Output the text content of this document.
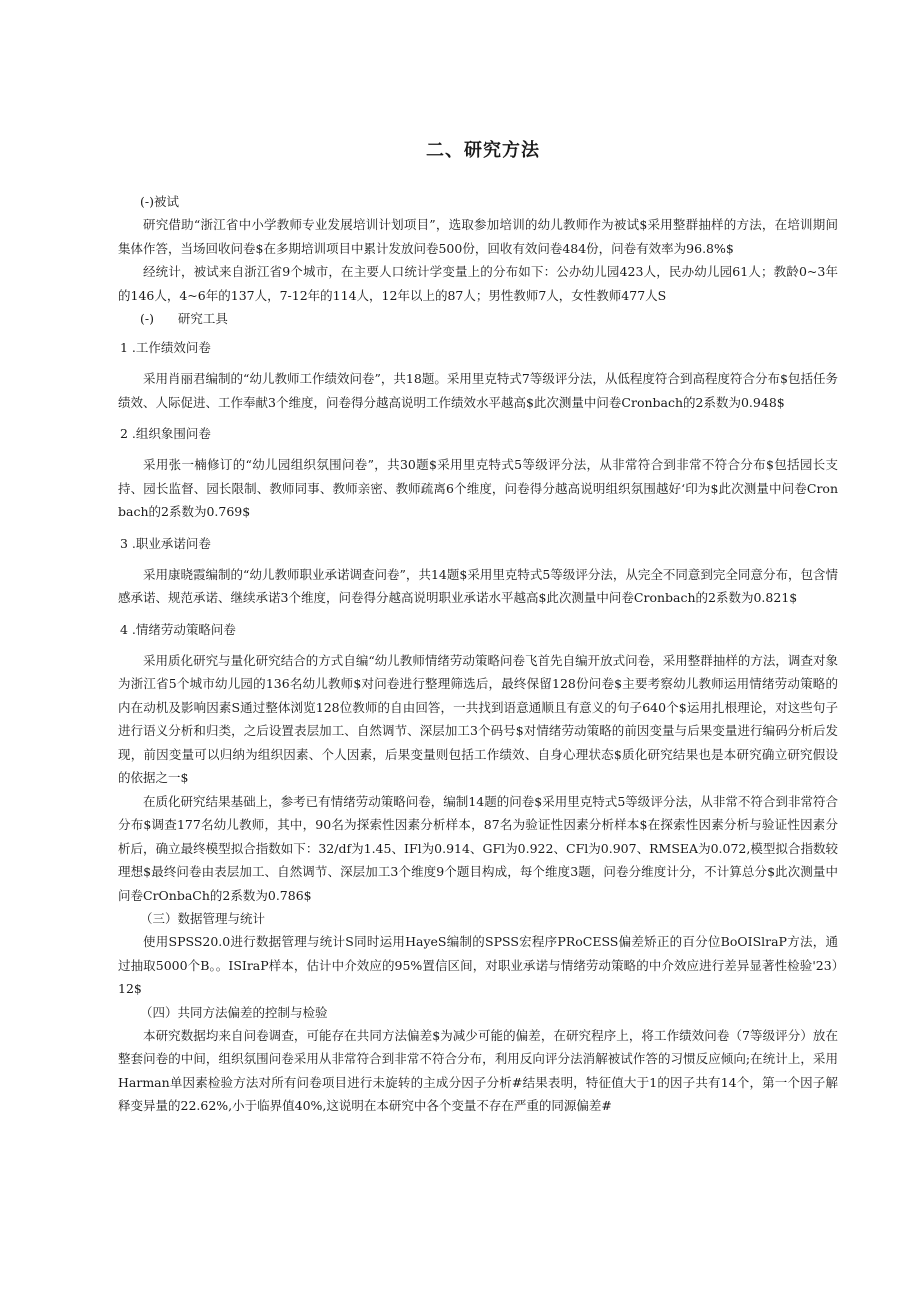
二、研究方法

(-)被试

研究借助“浙江省中小学教师专业发展培训计划项目”，选取参加培训的幼儿教师作为被试$采用整群抽样的方法，在培训期间集体作答，当场回收问卷$在多期培训项目中累计发放问卷500份，回收有效问卷484份，问卷有效率为96.8%$

经统计，被试来自浙江省9个城市，在主要人口统计学变量上的分布如下：公办幼儿园423人，民办幼儿园61人；教龄0~3年的146人，4~6年的137人，7-12年的114人，12年以上的87人；男性教师7人，女性教师477人S

(-)      研究工具

1 .工作绩效问卷

采用肖丽君编制的“幼儿教师工作绩效问卷”，共18题。采用里克特式7等级评分法，从低程度符合到高程度符合分布$包括任务绩效、人际促进、工作奉献3个维度，问卷得分越高说明工作绩效水平越高$此次测量中问卷Cronbach的2系数为0.948$

2 .组织象围问卷

采用张一楠修订的“幼儿园组织氛围问卷”，共30题$采用里克特式5等级评分法，从非常符合到非常不符合分布$包括园长支持、园长监督、园长限制、教师同事、教师亲密、教师疏离6个维度，问卷得分越高说明组织氛围越好‘印为$此次测量中问卷Cronbach的2系数为0.769$

3 .职业承诺问卷

采用康晓霞编制的“幼儿教师职业承诺调查问卷”，共14题$采用里克特式5等级评分法，从完全不同意到完全同意分布，包含情感承诺、规范承诺、继续承诺3个维度，问卷得分越高说明职业承诺水平越高$此次测量中问卷Cronbach的2系数为0.821$

4 .情绪劳动策略问卷

采用质化研究与量化研究结合的方式自编“幼儿教师情绪劳动策略问卷飞首先自编开放式问卷，采用整群抽样的方法，调查对象为浙江省5个城市幼儿园的136名幼儿教师$对问卷进行整理筛选后，最终保留128份问卷$主要考察幼儿教师运用情绪劳动策略的内在动机及影响因素S通过整体浏览128位教师的自由回答，一共找到语意通顺且有意义的句子640个$运用扎根理论，对这些句子进行语义分析和归类，之后设置表层加工、自然调节、深层加工3个码号$对情绪劳动策略的前因变量与后果变量进行编码分析后发现，前因变量可以归纳为组织因素、个人因素，后果变量则包括工作绩效、自身心理状态$质化研究结果也是本研究确立研究假设的依据之一$

在质化研究结果基础上，参考已有情绪劳动策略问卷，编制14题的问卷$采用里克特式5等级评分法，从非常不符合到非常符合分布$调查177名幼儿教师，其中，90名为探索性因素分析样本，87名为验证性因素分析样本$在探索性因素分析与验证性因素分析后，确立最终模型拟合指数如下：32/df为1.45、IFl为0.914、GFl为0.922、CFl为0.907、RMSEA为0.072,模型拟合指数较理想$最终问卷由表层加工、自然调节、深层加工3个维度9个题目构成，每个维度3题，问卷分维度计分，不计算总分$此次测量中问卷CrOnbaCh的2系数为0.786$

（三）数据管理与统计

使用SPSS20.0进行数据管理与统计S同时运用HayeS编制的SPSS宏程序PRoCESS偏差矫正的百分位BoOISlraP方法，通过抽取5000个B。。ISIraP样本，估计中介效应的95%置信区间，对职业承诺与情绪劳动策略的中介效应进行差异显著性检验'23）12$

（四）共同方法偏差的控制与检验

本研究数据均来自问卷调查，可能存在共同方法偏差$为减少可能的偏差，在研究程序上，将工作绩效问卷（7等级评分）放在整套问卷的中间，组织氛围问卷采用从非常符合到非常不符合分布，利用反向评分法消解被试作答的习惯反应倾向;在统计上，采用Harman单因素检验方法对所有问卷项目进行未旋转的主成分因子分析#结果表明，特征值大于1的因子共有14个，第一个因子解释变异量的22.62%,小于临界值40%,这说明在本研究中各个变量不存在严重的同源偏差#
